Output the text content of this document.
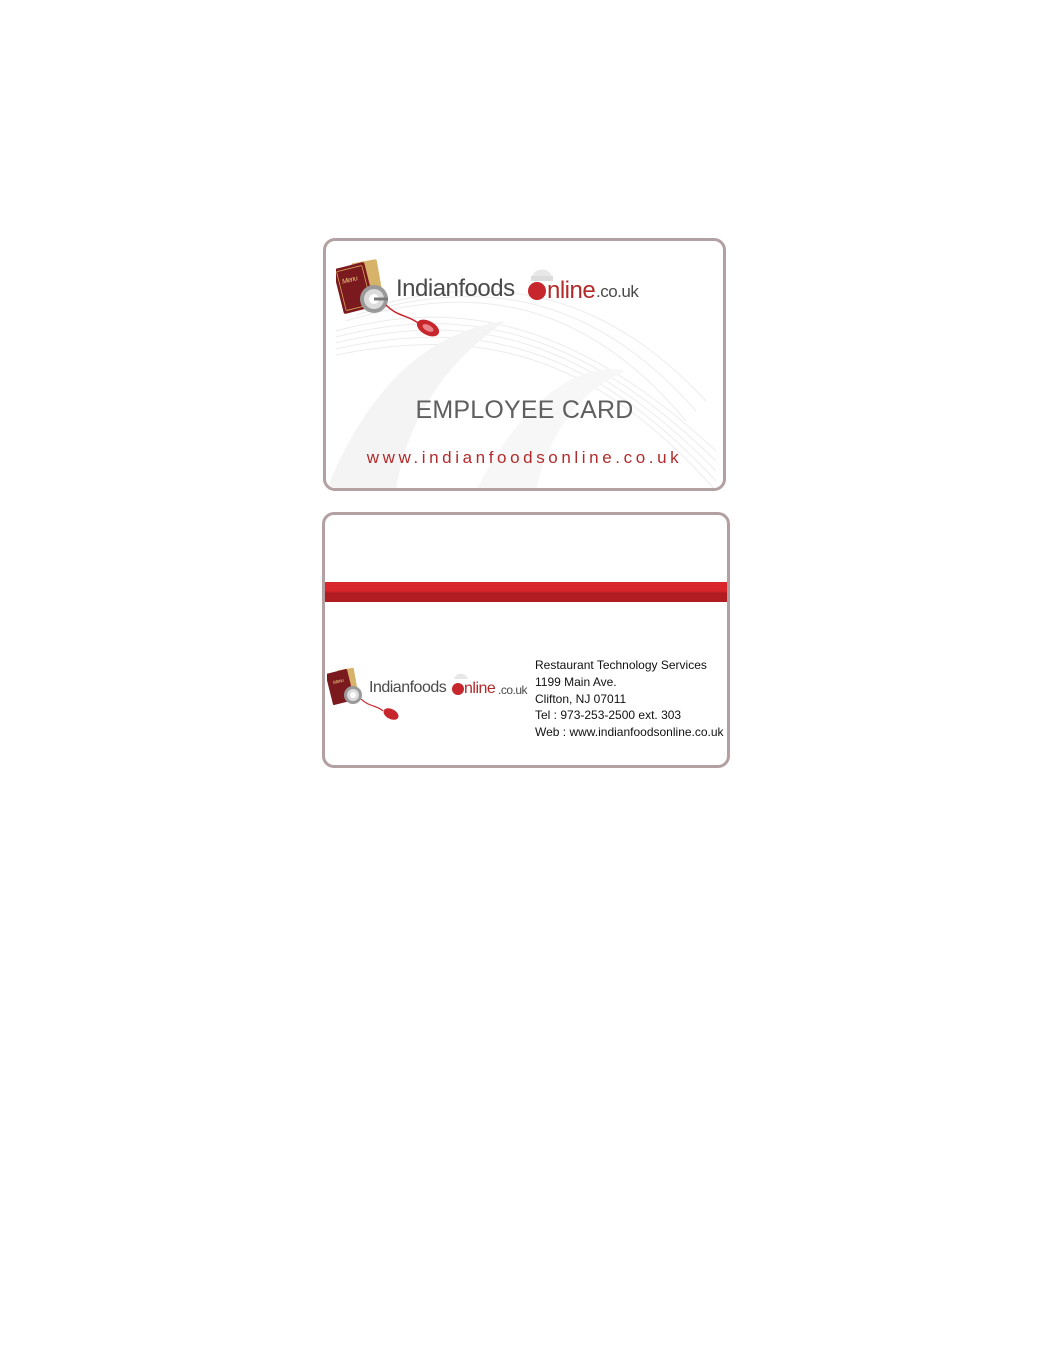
Indianfoods nline .co.uk
Menu
EMPLOYEE CARD
www.indianfoodsonline.co.uk
Indianfoods nline .co.uk
Menu
Restaurant Technology Services
1199 Main Ave.
Clifton, NJ 07011
Tel : 973-253-2500 ext. 303
Web : www.indianfoodsonline.co.uk
